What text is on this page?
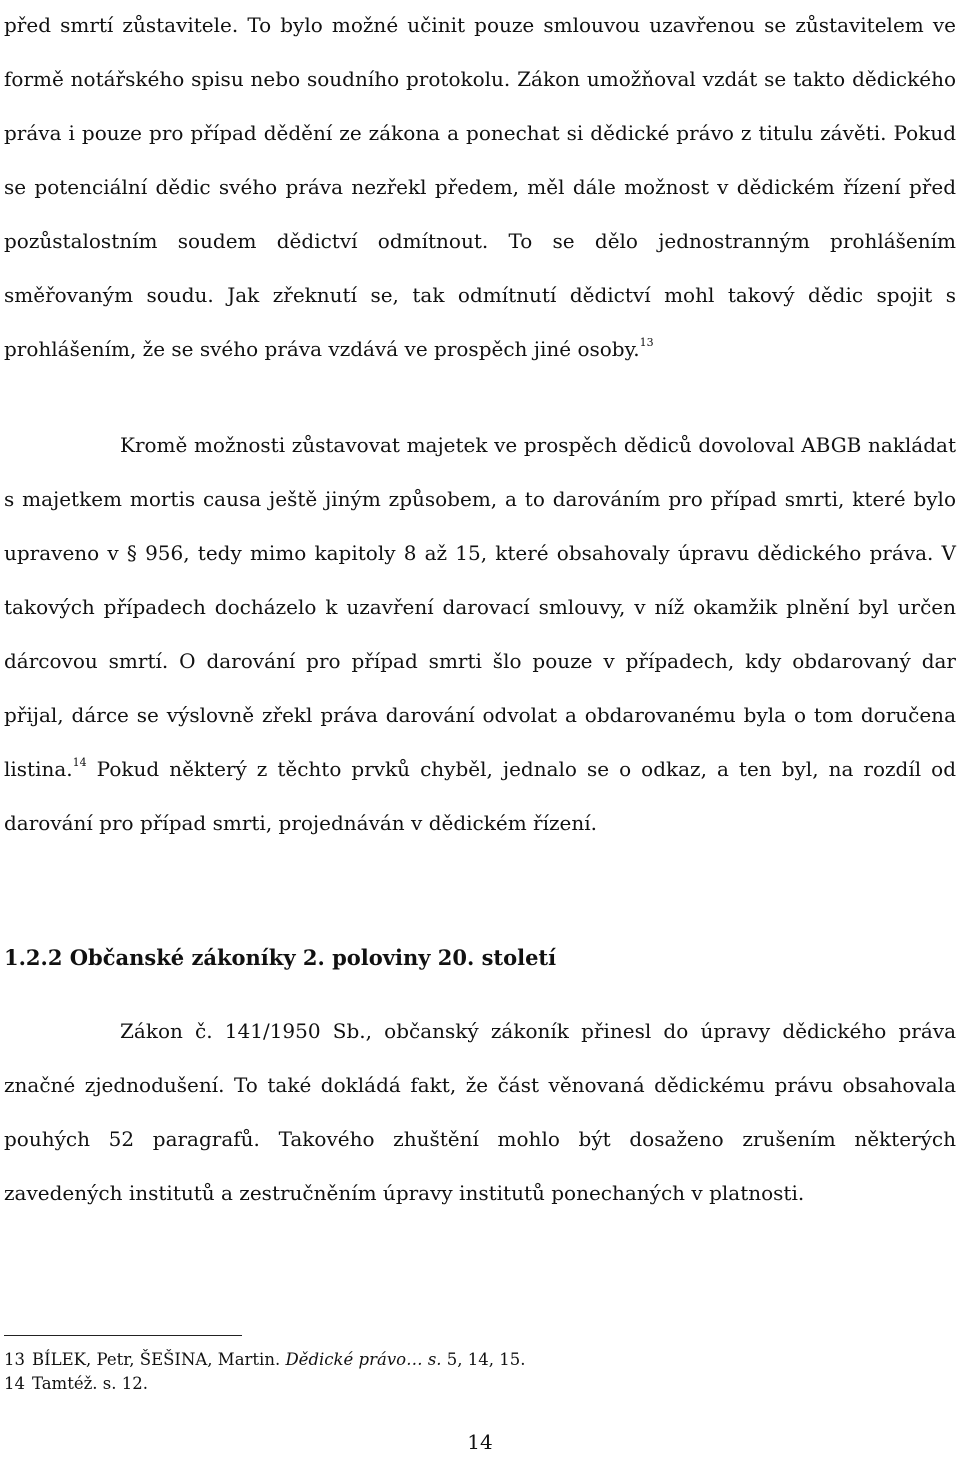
před smrtí zůstavitele. To bylo možné učinit pouze smlouvou uzavřenou se zůstavitelem ve formě notářského spisu nebo soudního protokolu. Zákon umožňoval vzdát se takto dědického práva i pouze pro případ dědění ze zákona a ponechat si dědické právo z titulu závěti. Pokud se potenciální dědic svého práva nezřekl předem, měl dále možnost v dědickém řízení před pozůstalostním soudem dědictví odmítnout. To se dělo jednostranným prohlášením směřovaným soudu. Jak zřeknutí se, tak odmítnutí dědictví mohl takový dědic spojit s prohlášením, že se svého práva vzdává ve prospěch jiné osoby.$^{13}$

Kromě možnosti zůstavovat majetek ve prospěch dědiců dovoloval ABGB nakládat s majetkem mortis causa ještě jiným způsobem, a to darováním pro případ smrti, které bylo upraveno v § 956, tedy mimo kapitoly 8 až 15, které obsahovaly úpravu dědického práva. V takových případech docházelo k uzavření darovací smlouvy, v níž okamžik plnění byl určen dárcovou smrtí. O darování pro případ smrti šlo pouze v případech, kdy obdarovaný dar přijal, dárce se výslovně zřekl práva darování odvolat a obdarovanému byla o tom doručena listina.$^{14}$ Pokud některý z těchto prvků chyběl, jednalo se o odkaz, a ten byl, na rozdíl od darování pro případ smrti, projednáván v dědickém řízení.

1.2.2 Občanské zákoníky 2. poloviny 20. století

Zákon č. 141/1950 Sb., občanský zákoník přinesl do úpravy dědického práva značné zjednodušení. To také dokládá fakt, že část věnovaná dědickému právu obsahovala pouhých 52 paragrafů. Takového zhuštění mohlo být dosaženo zrušením některých zavedených institutů a zestručněním úpravy institutů ponechaných v platnosti.

13 BÍLEK, Petr, ŠEŠINA, Martin. Dědické právo… s. 5, 14, 15.
14 Tamtéž. s. 12.
14
